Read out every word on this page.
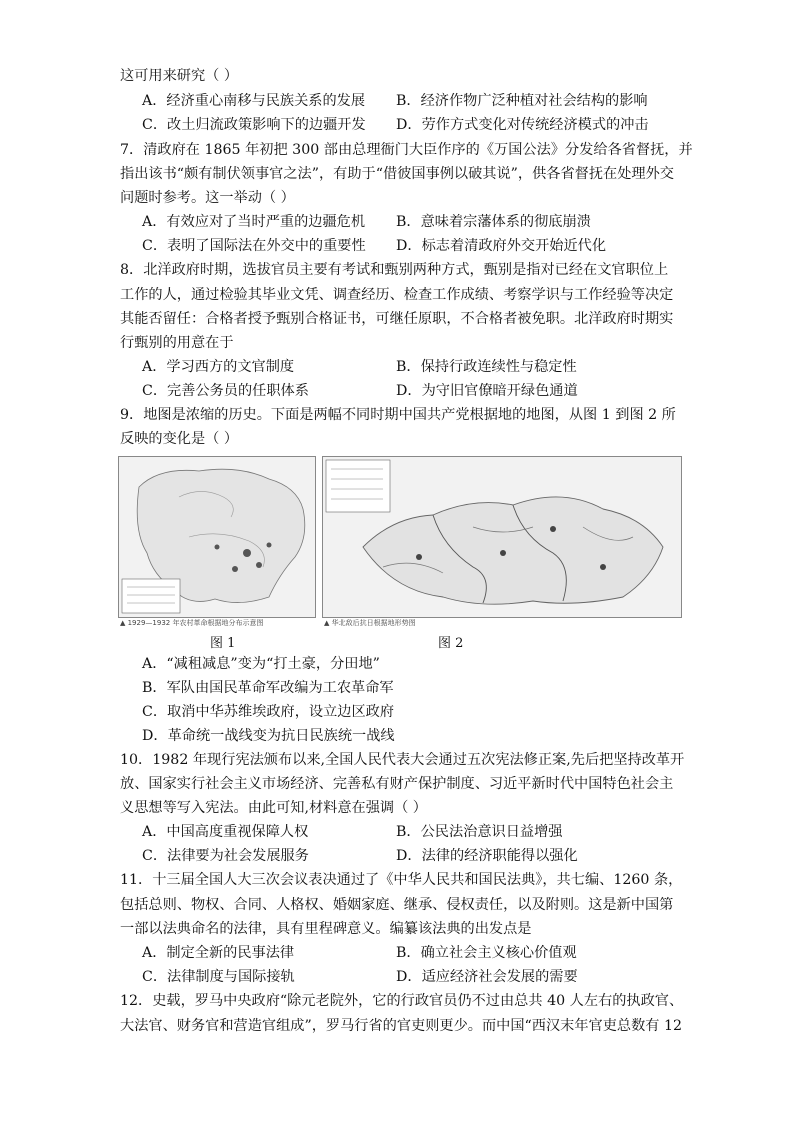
这可用来研究（ ）
A．经济重心南移与民族关系的发展 B．经济作物广泛种植对社会结构的影响
C．改土归流政策影响下的边疆开发 D．劳作方式变化对传统经济模式的冲击
7．清政府在 1865 年初把 300 部由总理衙门大臣作序的《万国公法》分发给各省督抚，并
指出该书“颇有制伏领事官之法”，有助于“借彼国事例以破其说”，供各省督抚在处理外交
问题时参考。这一举动（ ）
A．有效应对了当时严重的边疆危机 B．意味着宗藩体系的彻底崩溃
C．表明了国际法在外交中的重要性 D．标志着清政府外交开始近代化
8．北洋政府时期，选拔官员主要有考试和甄别两种方式，甄别是指对已经在文官职位上
工作的人，通过检验其毕业文凭、调查经历、检查工作成绩、考察学识与工作经验等决定
其能否留任：合格者授予甄别合格证书，可继任原职，不合格者被免职。北洋政府时期实
行甄别的用意在于
A．学习西方的文官制度	B．保持行政连续性与稳定性
C．完善公务员的任职体系	D．为守旧官僚暗开绿色通道
9．地图是浓缩的历史。下面是两幅不同时期中国共产党根据地的地图，从图 1 到图 2 所
反映的变化是（ ）
▲ 1929—1932 年农村革命根据地分布示意图	▲ 华北敌后抗日根据地形势图
图 1	图 2
A．“减租减息”变为“打土豪，分田地”
B．军队由国民革命军改编为工农革命军
C．取消中华苏维埃政府，设立边区政府
D．革命统一战线变为抗日民族统一战线
10．1982 年现行宪法颁布以来,全国人民代表大会通过五次宪法修正案,先后把坚持改革开
放、国家实行社会主义市场经济、完善私有财产保护制度、习近平新时代中国特色社会主
义思想等写入宪法。由此可知,材料意在强调（ ）
A．中国高度重视保障人权	B．公民法治意识日益增强
C．法律要为社会发展服务	D．法律的经济职能得以强化
11．十三届全国人大三次会议表决通过了《中华人民共和国民法典》，共七编、1260 条，
包括总则、物权、合同、人格权、婚姻家庭、继承、侵权责任，以及附则。这是新中国第
一部以法典命名的法律，具有里程碑意义。编纂该法典的出发点是
A．制定全新的民事法律	B．确立社会主义核心价值观
C．法律制度与国际接轨	D．适应经济社会发展的需要
12．史载，罗马中央政府“除元老院外，它的行政官员仍不过由总共 40 人左右的执政官、
大法官、财务官和营造官组成”，罗马行省的官吏则更少。而中国“西汉末年官吏总数有 12
